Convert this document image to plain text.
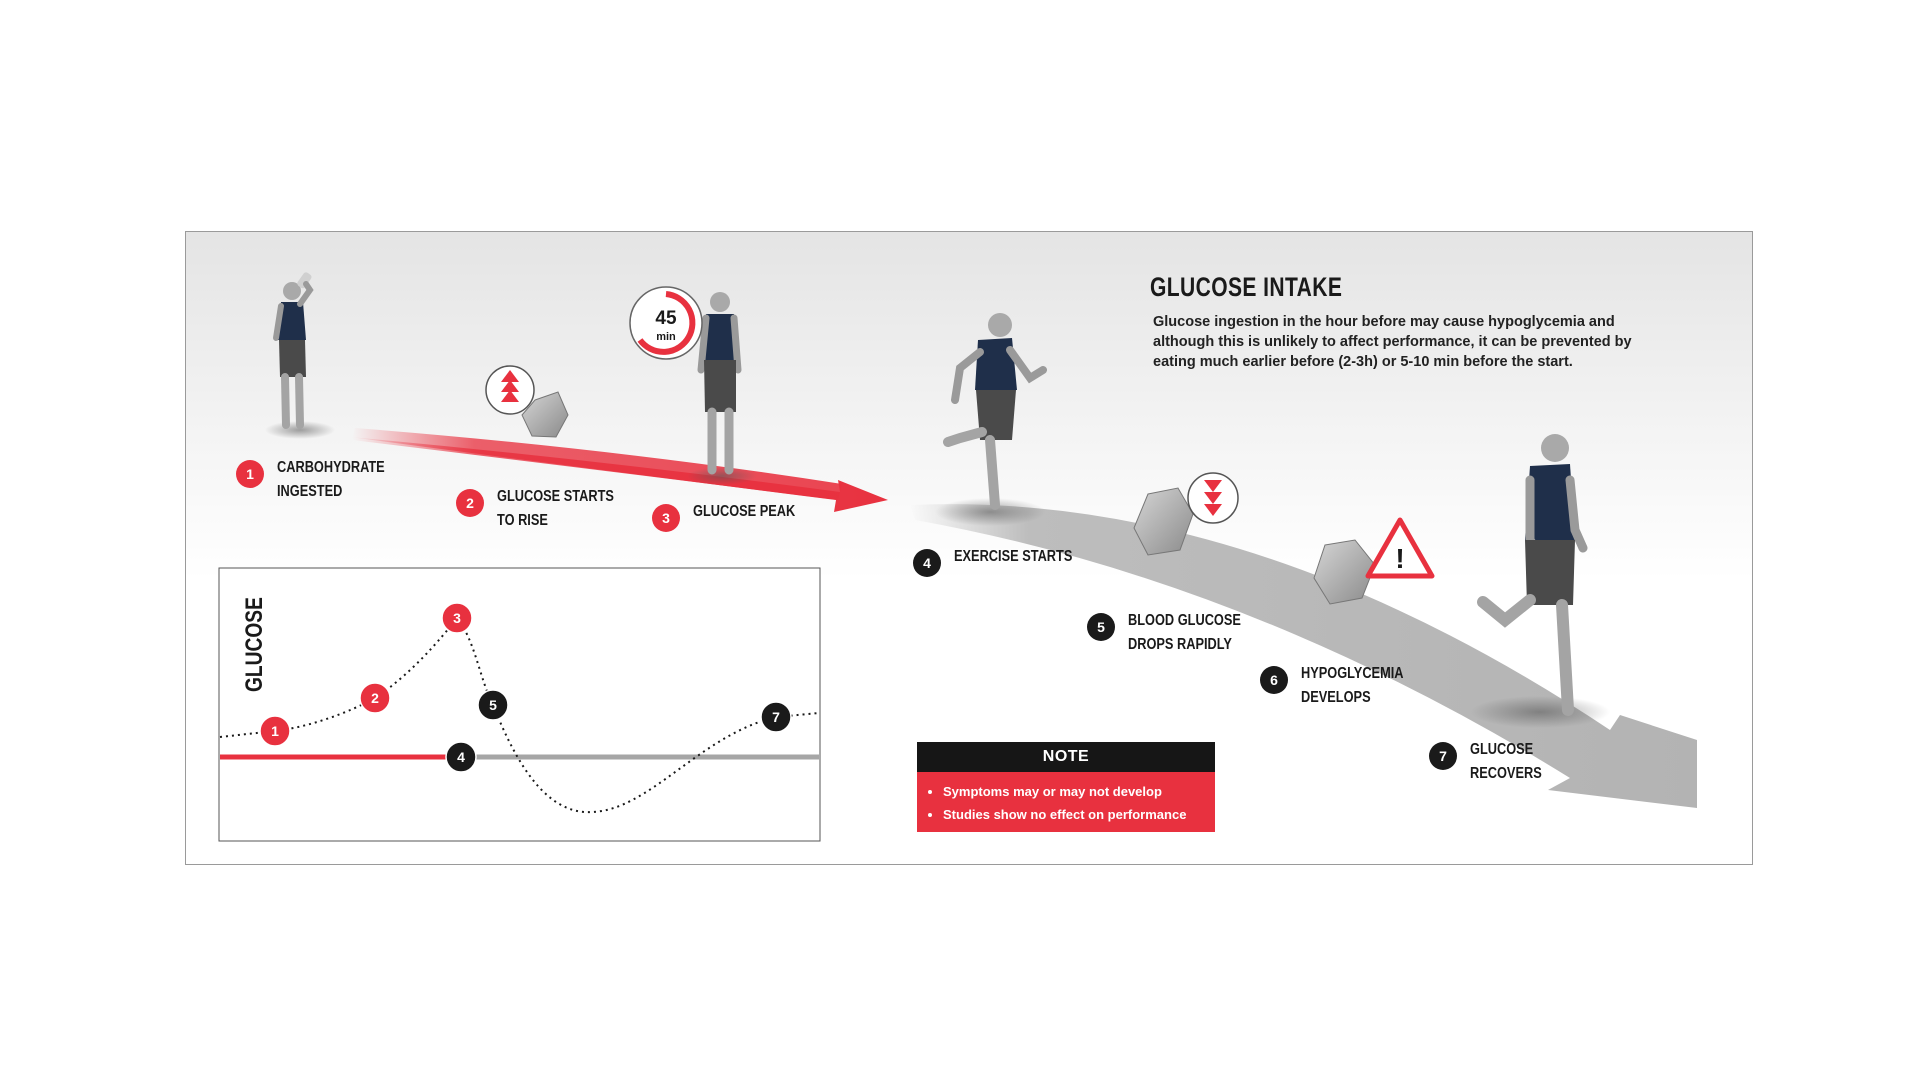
!
45
min
1 CARBOHYDRATE
INGESTED
2 GLUCOSE STARTS
TO RISE	3 GLUCOSE PEAK
4 EXERCISE STARTS
5 BLOOD GLUCOSE
DROPS RAPIDLY
6 HYPOGLYCEMIA
DEVELOPS
7 GLUCOSE
RECOVERS
GLUCOSE
1
2
3
4
5
7
GLUCOSE INTAKE

Glucose ingestion in the hour before may cause hypoglycemia and although this is unlikely to affect performance, it can be prevented by eating much earlier before (2-3h) or 5-10 min before the start.

NOTE
• Symptoms may or may not develop
• Studies show no effect on performance
